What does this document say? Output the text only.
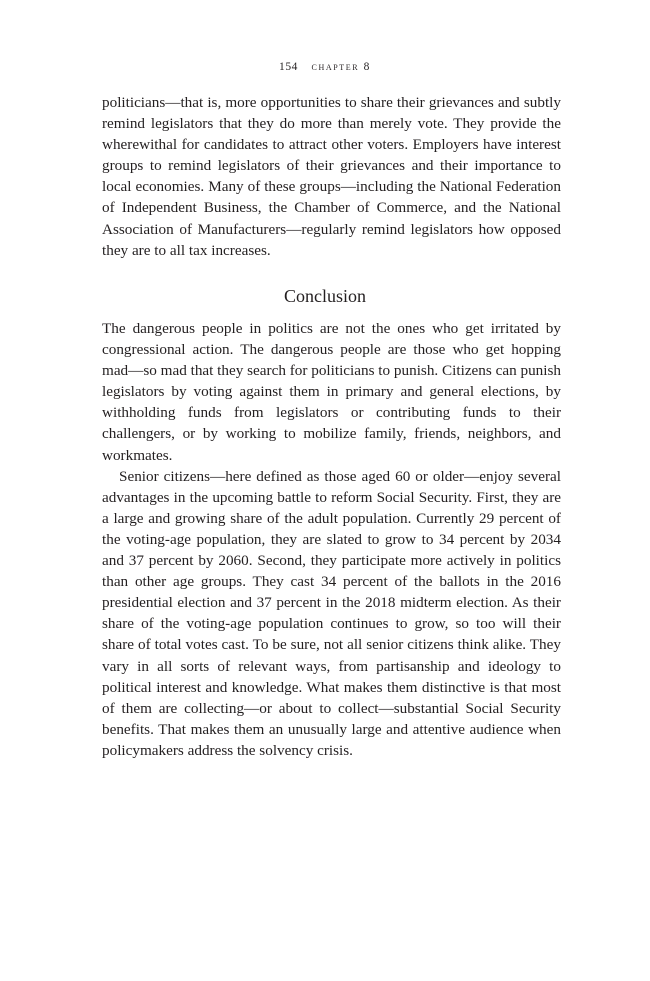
154 chapter 8

politicians—that is, more opportunities to share their grievances and subtly remind legislators that they do more than merely vote. They provide the wherewithal for candidates to attract other voters. Employers have interest groups to remind legislators of their grievances and their importance to local economies. Many of these groups—including the National Federation of Independent Business, the Chamber of Commerce, and the National Association of Manufacturers—regularly remind legislators how opposed they are to all tax increases.

Conclusion

The dangerous people in politics are not the ones who get irritated by congressional action. The dangerous people are those who get hopping mad—so mad that they search for politicians to punish. Citizens can punish legislators by voting against them in primary and general elections, by withholding funds from legislators or contributing funds to their challengers, or by working to mobilize family, friends, neighbors, and workmates.

Senior citizens—here defined as those aged 60 or older—enjoy several advantages in the upcoming battle to reform Social Security. First, they are a large and growing share of the adult population. Currently 29 percent of the voting-age population, they are slated to grow to 34 percent by 2034 and 37 percent by 2060. Second, they participate more actively in politics than other age groups. They cast 34 percent of the ballots in the 2016 presidential election and 37 percent in the 2018 midterm election. As their share of the voting-age population continues to grow, so too will their share of total votes cast. To be sure, not all senior citizens think alike. They vary in all sorts of relevant ways, from partisanship and ideology to political interest and knowledge. What makes them distinctive is that most of them are collecting—or about to collect—substantial Social Security benefits. That makes them an unusually large and attentive audience when policymakers address the solvency crisis.
